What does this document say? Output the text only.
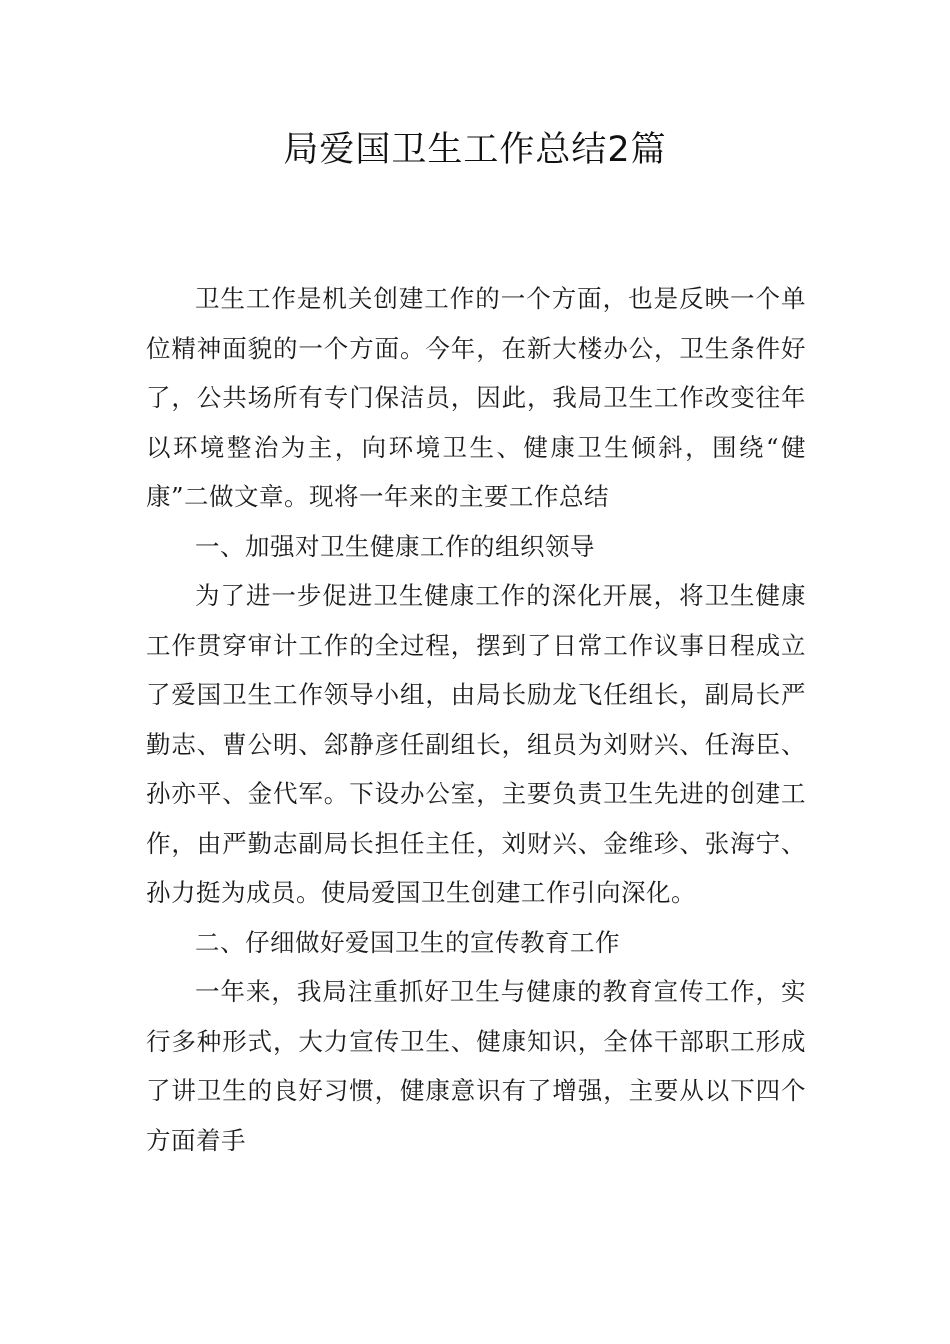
局爱国卫生工作总结2篇

卫生工作是机关创建工作的一个方面，也是反映一个单位精神面貌的一个方面。今年，在新大楼办公，卫生条件好了，公共场所有专门保洁员，因此，我局卫生工作改变往年以环境整治为主，向环境卫生、健康卫生倾斜，围绕“健康”二做文章。现将一年来的主要工作总结

一、加强对卫生健康工作的组织领导

为了进一步促进卫生健康工作的深化开展，将卫生健康工作贯穿审计工作的全过程，摆到了日常工作议事日程成立了爱国卫生工作领导小组，由局长励龙飞任组长，副局长严勤志、曹公明、郐静彦任副组长，组员为刘财兴、任海臣、孙亦平、金代军。下设办公室，主要负责卫生先进的创建工作，由严勤志副局长担任主任，刘财兴、金维珍、张海宁、孙力挺为成员。使局爱国卫生创建工作引向深化。

二、仔细做好爱国卫生的宣传教育工作

一年来，我局注重抓好卫生与健康的教育宣传工作，实行多种形式，大力宣传卫生、健康知识，全体干部职工形成了讲卫生的良好习惯，健康意识有了增强，主要从以下四个方面着手
